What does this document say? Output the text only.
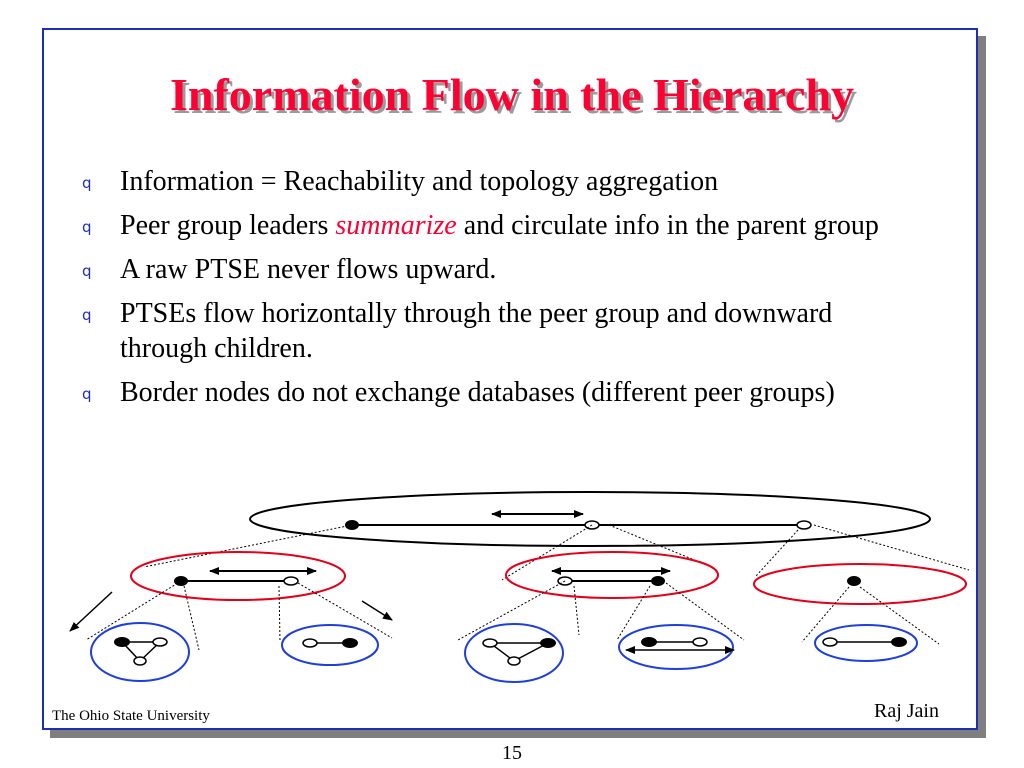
Information Flow in the Hierarchy
q Information = Reachability and topology aggregation
q Peer group leaders summarize and circulate info in the parent group
q A raw PTSE never flows upward.
q PTSEs flow horizontally through the peer group and downward through children.
q Border nodes do not exchange databases (different peer groups)
The Ohio State University	Raj Jain
15
